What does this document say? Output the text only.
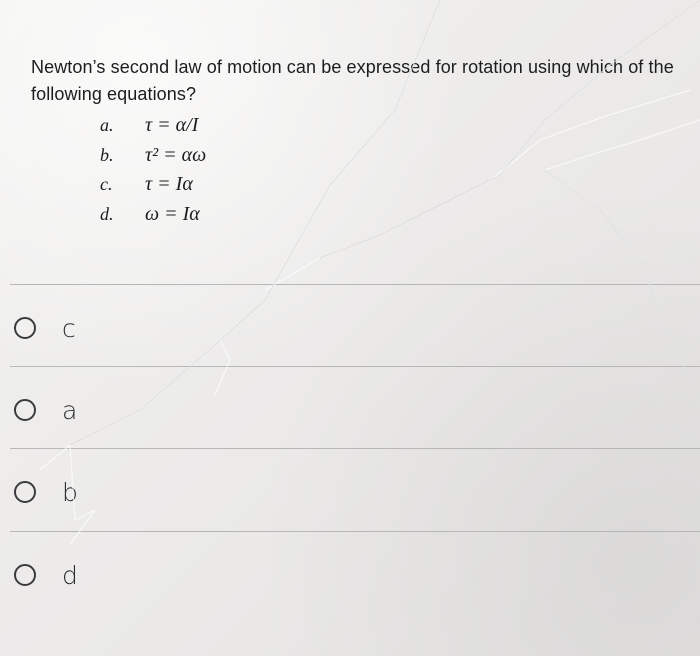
Newton’s second law of motion can be expressed for rotation using which of the following equations?
a.	τ = α/I
b.	τ² = αω
c.	τ = Iα
d.	ω = Iα
c
a
b
d
